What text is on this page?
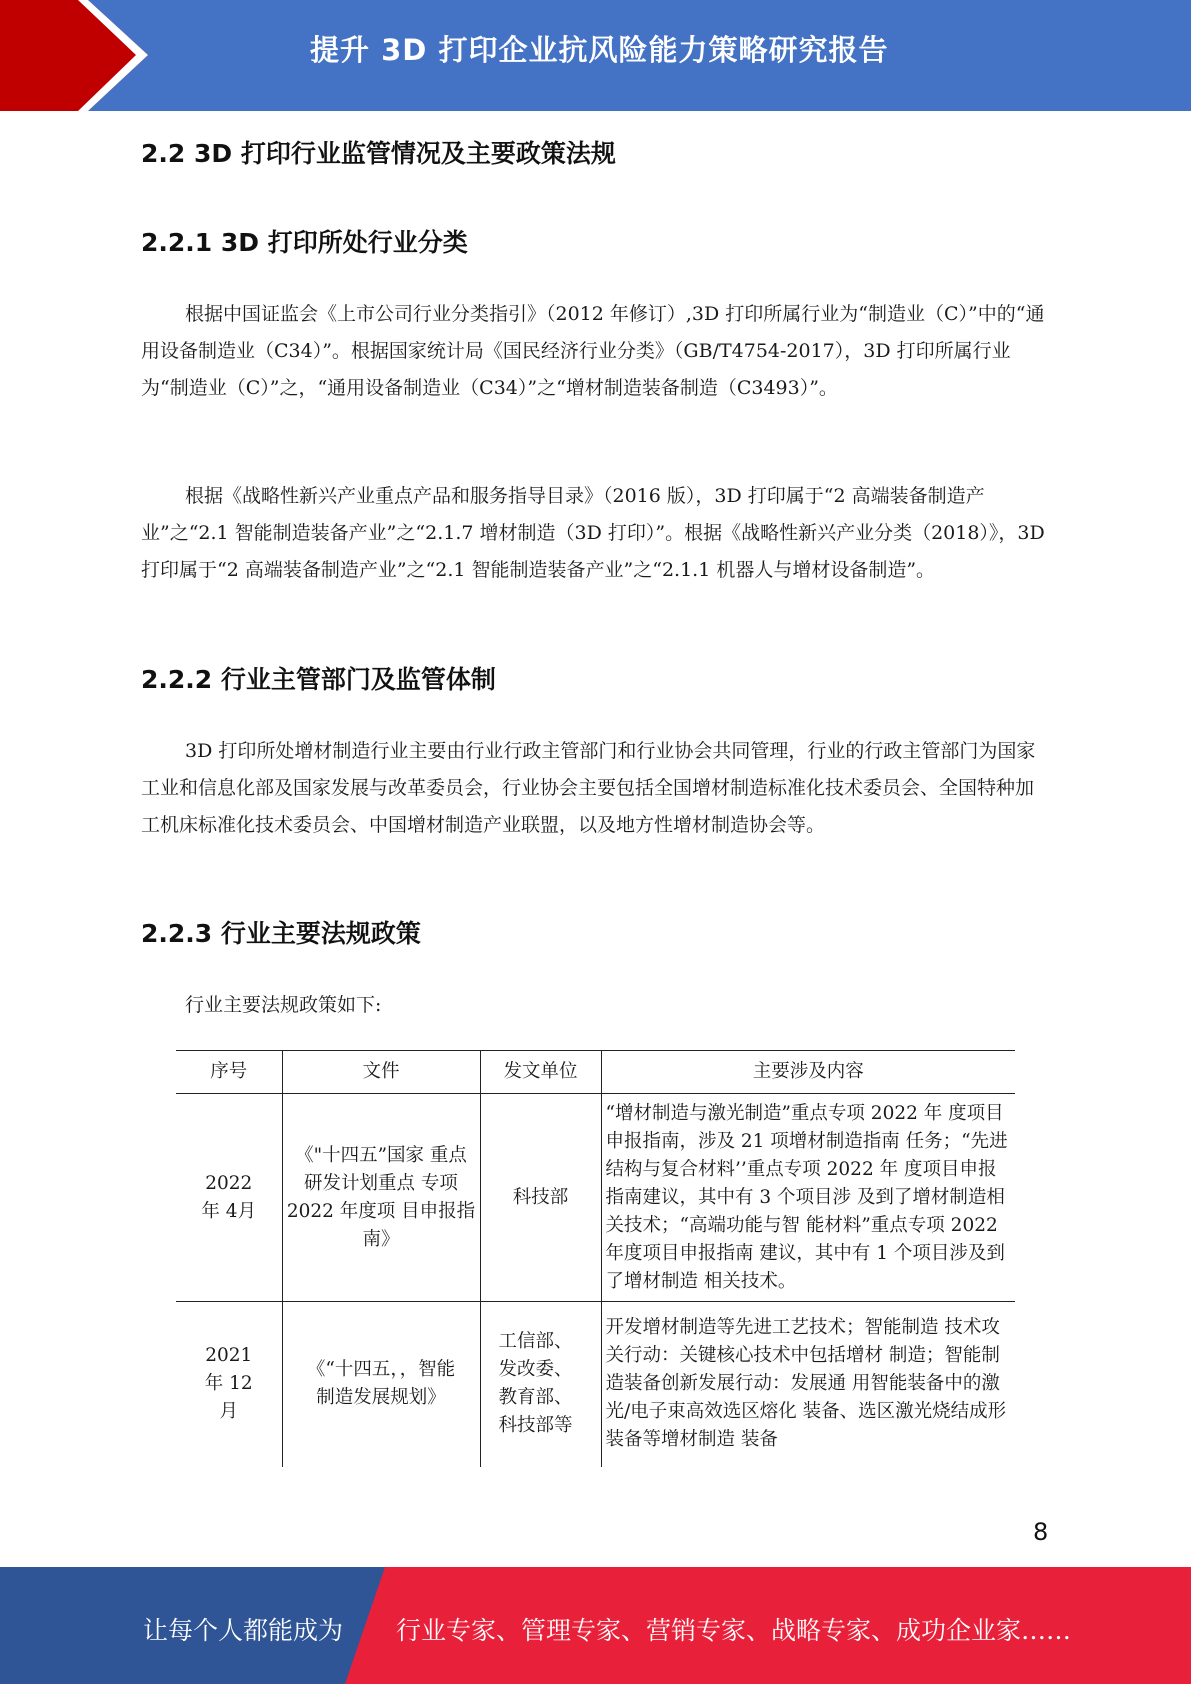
提升 3D 打印企业抗风险能力策略研究报告
2.2 3D 打印行业监管情况及主要政策法规
2.2.1 3D 打印所处行业分类

根据中国证监会《上市公司行业分类指引》（2012 年修订）,3D 打印所属行业为“制造业（C）”中的“通用设备制造业（C34）”。根据国家统计局《国民经济行业分类》（GB/T4754-2017），3D 打印所属行业为“制造业（C）”之，“通用设备制造业（C34）”之“增材制造装备制造（C3493）”。

根据《战略性新兴产业重点产品和服务指导目录》（2016 版），3D 打印属于“2 高端装备制造产业”之“2.1 智能制造装备产业”之“2.1.7 增材制造（3D 打印）”。根据《战略性新兴产业分类（2018）》，3D 打印属于“2 高端装备制造产业”之“2.1 智能制造装备产业”之“2.1.1 机器人与增材设备制造”。

2.2.2 行业主管部门及监管体制

3D 打印所处增材制造行业主要由行业行政主管部门和行业协会共同管理，行业的行政主管部门为国家工业和信息化部及国家发展与改革委员会，行业协会主要包括全国增材制造标准化技术委员会、全国特种加工机床标准化技术委员会、中国增材制造产业联盟，以及地方性增材制造协会等。

2.2.3 行业主要法规政策

行业主要法规政策如下:

序号	文件	发文单位	主要涉及内容
2022 年 4月	《"十四五”国家 重点研发计划重点 专项 2022 年度项 目申报指南》	科技部	“增材制造与激光制造”重点专项 2022 年 度项目申报指南，涉及 21 项增材制造指南 任务；“先进结构与复合材料’’重点专项 2022 年 度项目申报指南建议，其中有 3 个项目涉 及到了增材制造相关技术；“高端功能与智 能材料”重点专项 2022 年度项目申报指南 建议，其中有 1 个项目涉及到了增材制造 相关技术。
2021 年 12 月	《“十四五，，智能 制造发展规划》	工信部、发改委、教育部、科技部等	开发增材制造等先进工艺技术；智能制造 技术攻关行动：关键核心技术中包括增材 制造；智能制造装备创新发展行动：发展通 用智能装备中的激光/电子束高效选区熔化 装备、选区激光烧结成形装备等增材制造 装备
8
让每个人都能成为 行业专家、管理专家、营销专家、战略专家、成功企业家……
